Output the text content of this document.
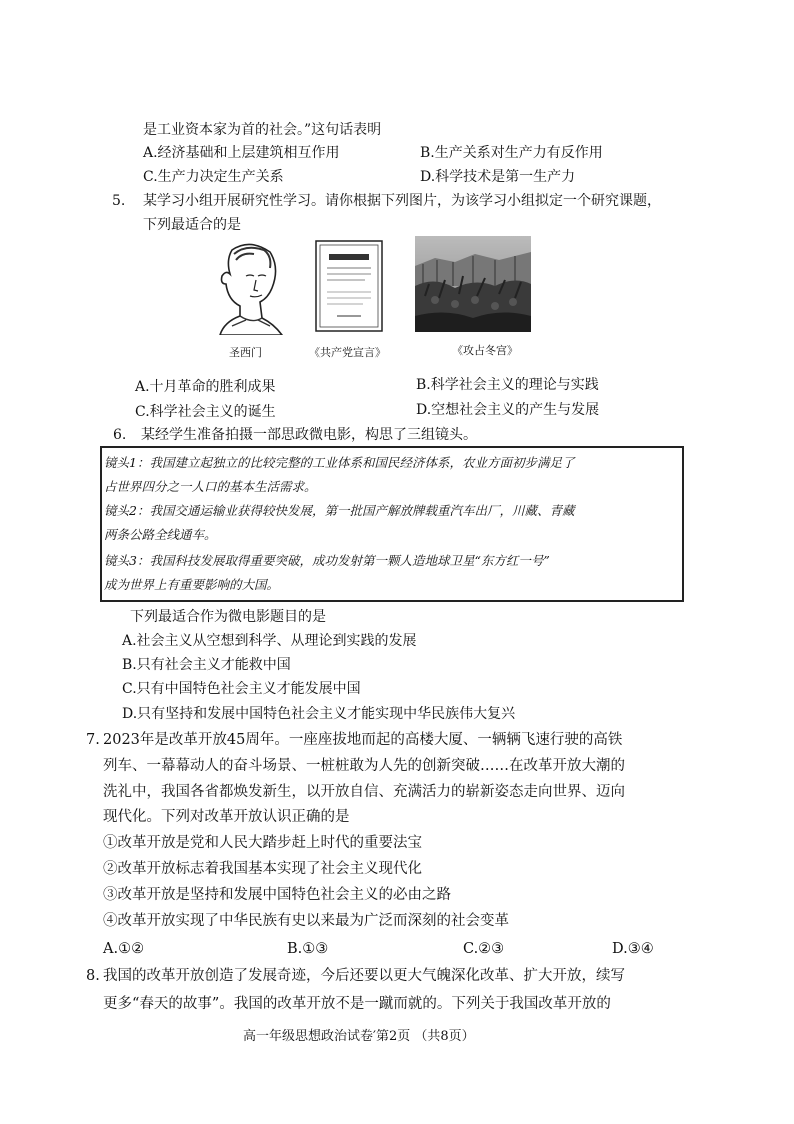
是工业资本家为首的社会。”这句话表明
A.经济基础和上层建筑相互作用	B.生产关系对生产力有反作用
C.生产力决定生产关系	D.科学技术是第一生产力
5. 某学习小组开展研究性学习。请你根据下列图片，为该学习小组拟定一个研究课题，
下列最适合的是
圣西门	《共产党宣言》	《攻占冬宫》
A.十月革命的胜利成果	B.科学社会主义的理论与实践
C.科学社会主义的诞生	D.空想社会主义的产生与发展
6. 某经学生准备拍摄一部思政微电影，构思了三组镜头。
镜头1：我国建立起独立的比较完整的工业体系和国民经济体系，农业方面初步满足了
占世界四分之一人口的基本生活需求。
镜头2：我国交通运输业获得较快发展，第一批国产解放牌载重汽车出厂，川藏、青藏
两条公路全线通车。
镜头3：我国科技发展取得重要突破，成功发射第一颗人造地球卫星“东方红一号”
成为世界上有重要影响的大国。
下列最适合作为微电影题目的是
A.社会主义从空想到科学、从理论到实践的发展
B.只有社会主义才能救中国
C.只有中国特色社会主义才能发展中国
D.只有坚持和发展中国特色社会主义才能实现中华民族伟大复兴
7. 2023年是改革开放45周年。一座座拔地而起的高楼大厦、一辆辆飞速行驶的高铁
列车、一幕幕动人的奋斗场景、一桩桩敢为人先的创新突破……在改革开放大潮的
洗礼中，我国各省都焕发新生，以开放自信、充满活力的崭新姿态走向世界、迈向
现代化。下列对改革开放认识正确的是
①改革开放是党和人民大踏步赶上时代的重要法宝
②改革开放标志着我国基本实现了社会主义现代化
③改革开放是坚持和发展中国特色社会主义的必由之路
④改革开放实现了中华民族有史以来最为广泛而深刻的社会变革
A.①②	B.①③	C.②③	D.③④
8. 我国的改革开放创造了发展奇迹，今后还要以更大气魄深化改革、扩大开放，续写
更多“春天的故事”。我国的改革开放不是一蹴而就的。下列关于我国改革开放的
高一年级思想政治试卷′第2页 （共8页）
